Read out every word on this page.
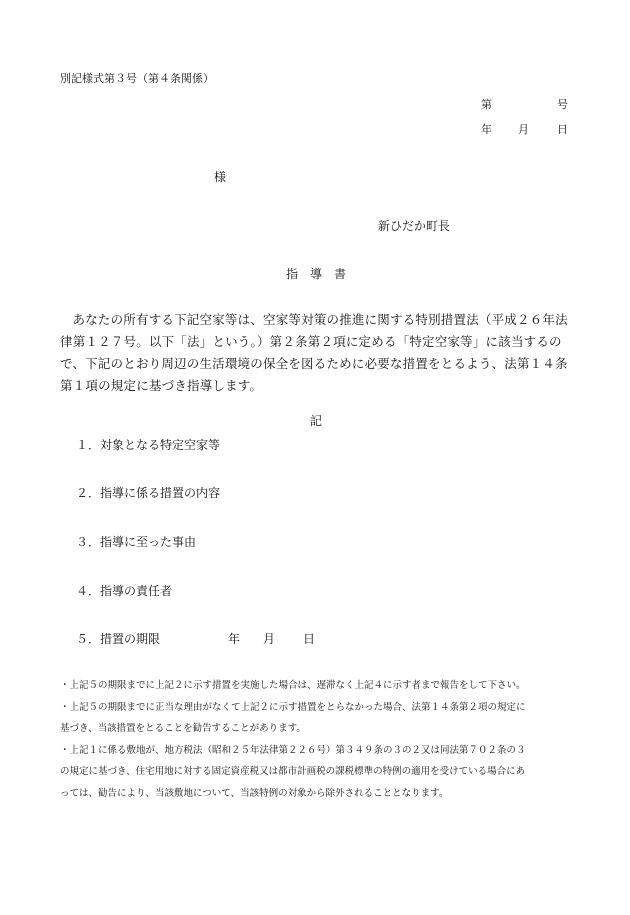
別記様式第３号（第４条関係）
第	号
年 月	日
様
新ひだか町長
指　導　書
あなたの所有する下記空家等は、空家等対策の推進に関する特別措置法（平成２６年法律第１２７号。以下「法」という。）第２条第２項に定める「特定空家等」に該当するので、下記のとおり周辺の生活環境の保全を図るために必要な措置をとるよう、法第１４条第１項の規定に基づき指導します。
記
１．対象となる特定空家等
２．指導に係る措置の内容
３．指導に至った事由
４．指導の責任者
５．措置の期限	年 月 日
・上記５の期限までに上記２に示す措置を実施した場合は、遅滞なく上記４に示す者まで報告をして下さい。
・上記５の期限までに正当な理由がなくて上記２に示す措置をとらなかった場合、法第１４条第２項の規定に
基づき、当該措置をとることを勧告することがあります。
・上記１に係る敷地が、地方税法（昭和２５年法律第２２６号）第３４９条の３の２又は同法第７０２条の３
の規定に基づき、住宅用地に対する固定資産税又は都市計画税の課税標準の特例の適用を受けている場合にあ
っては、勧告により、当該敷地について、当該特例の対象から除外されることとなります。
